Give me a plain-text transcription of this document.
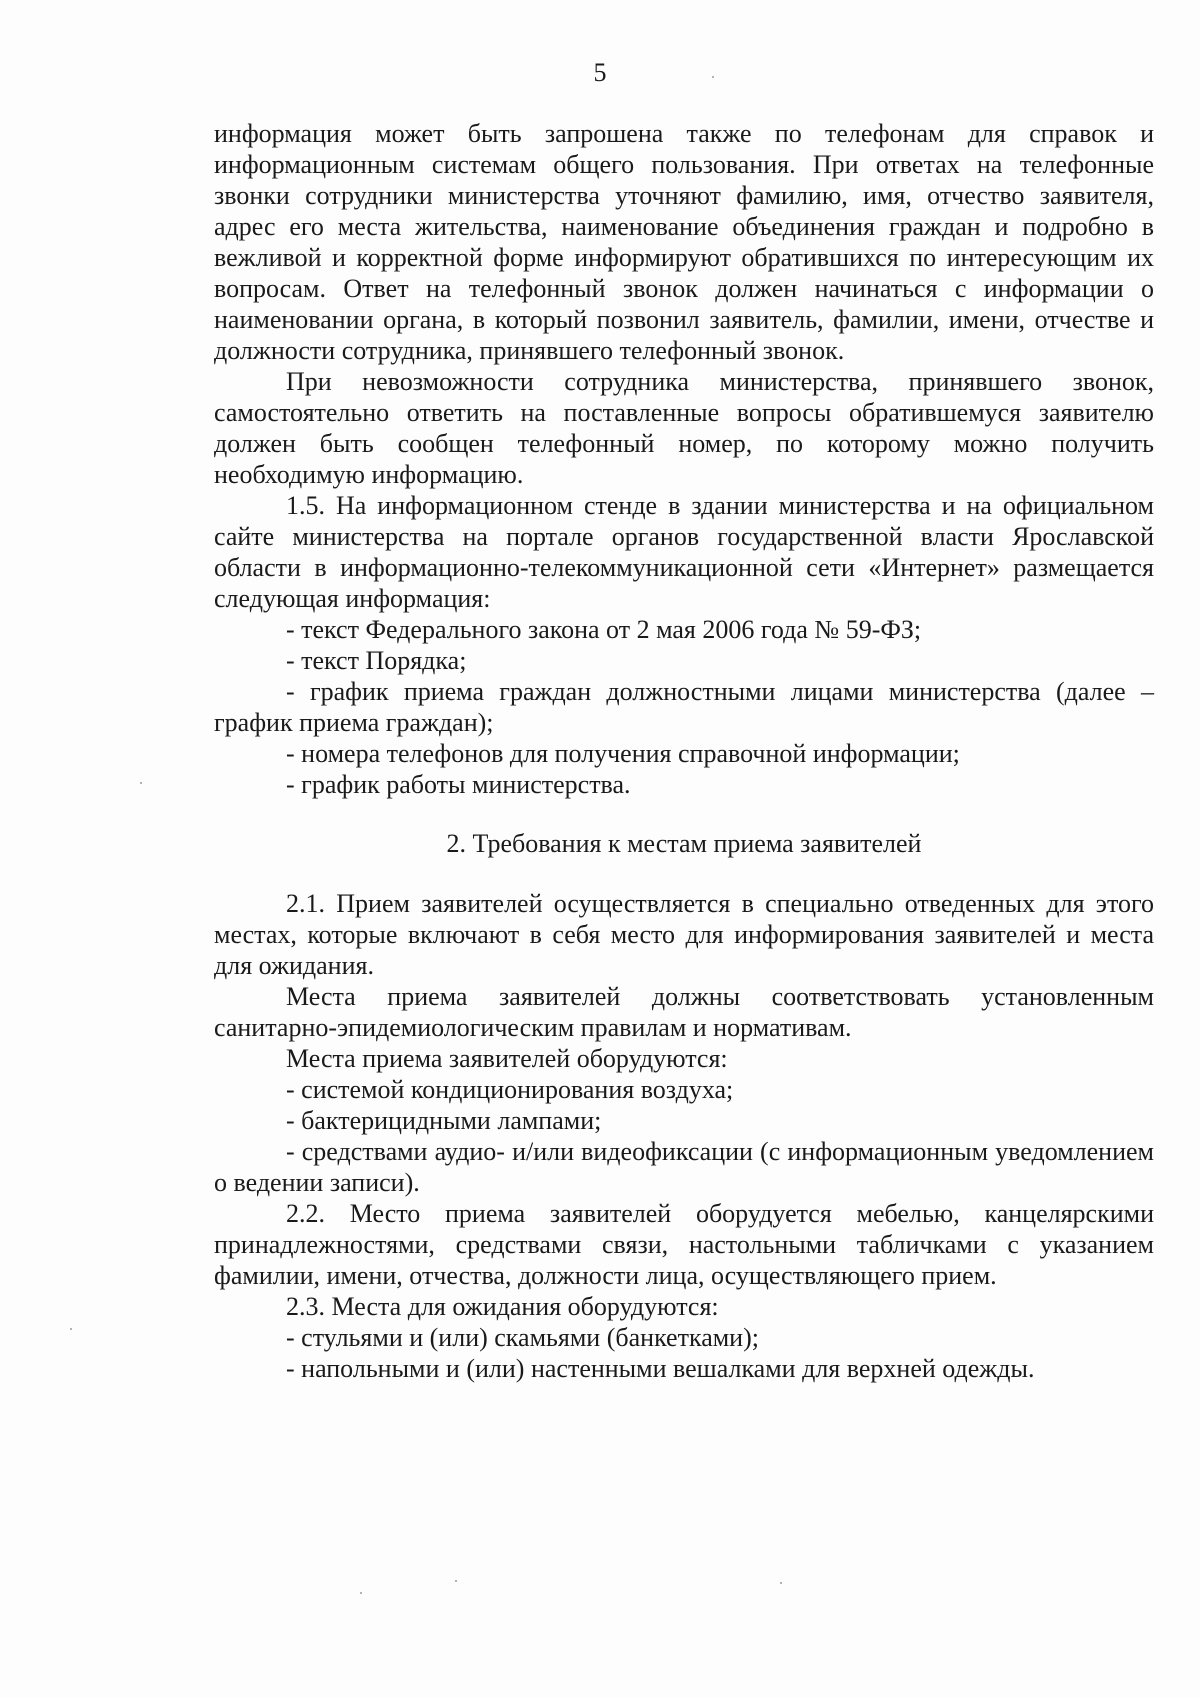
5

информация может быть запрошена также по телефонам для справок и информационным системам общего пользования. При ответах на телефонные звонки сотрудники министерства уточняют фамилию, имя, отчество заявителя, адрес его места жительства, наименование объединения граждан и подробно в вежливой и корректной форме информируют обратившихся по интересующим их вопросам. Ответ на телефонный звонок должен начинаться с информации о наименовании органа, в который позвонил заявитель, фамилии, имени, отчестве и должности сотрудника, принявшего телефонный звонок.

При невозможности сотрудника министерства, принявшего звонок, самостоятельно ответить на поставленные вопросы обратившемуся заявителю должен быть сообщен телефонный номер, по которому можно получить необходимую информацию.

1.5. На информационном стенде в здании министерства и на официальном сайте министерства на портале органов государственной власти Ярославской области в информационно-телекоммуникационной сети «Интернет» размещается следующая информация:

- текст Федерального закона от 2 мая 2006 года № 59-ФЗ;

- текст Порядка;

- график приема граждан должностными лицами министерства (далее – график приема граждан);

- номера телефонов для получения справочной информации;

- график работы министерства.

2. Требования к местам приема заявителей

2.1. Прием заявителей осуществляется в специально отведенных для этого местах, которые включают в себя место для информирования заявителей и места для ожидания.

Места приема заявителей должны соответствовать установленным санитарно-эпидемиологическим правилам и нормативам.

Места приема заявителей оборудуются:

- системой кондиционирования воздуха;

- бактерицидными лампами;

- средствами аудио- и/или видеофиксации (с информационным уведомлением о ведении записи).

2.2. Место приема заявителей оборудуется мебелью, канцелярскими принадлежностями, средствами связи, настольными табличками с указанием фамилии, имени, отчества, должности лица, осуществляющего прием.

2.3. Места для ожидания оборудуются:

- стульями и (или) скамьями (банкетками);

- напольными и (или) настенными вешалками для верхней одежды.
